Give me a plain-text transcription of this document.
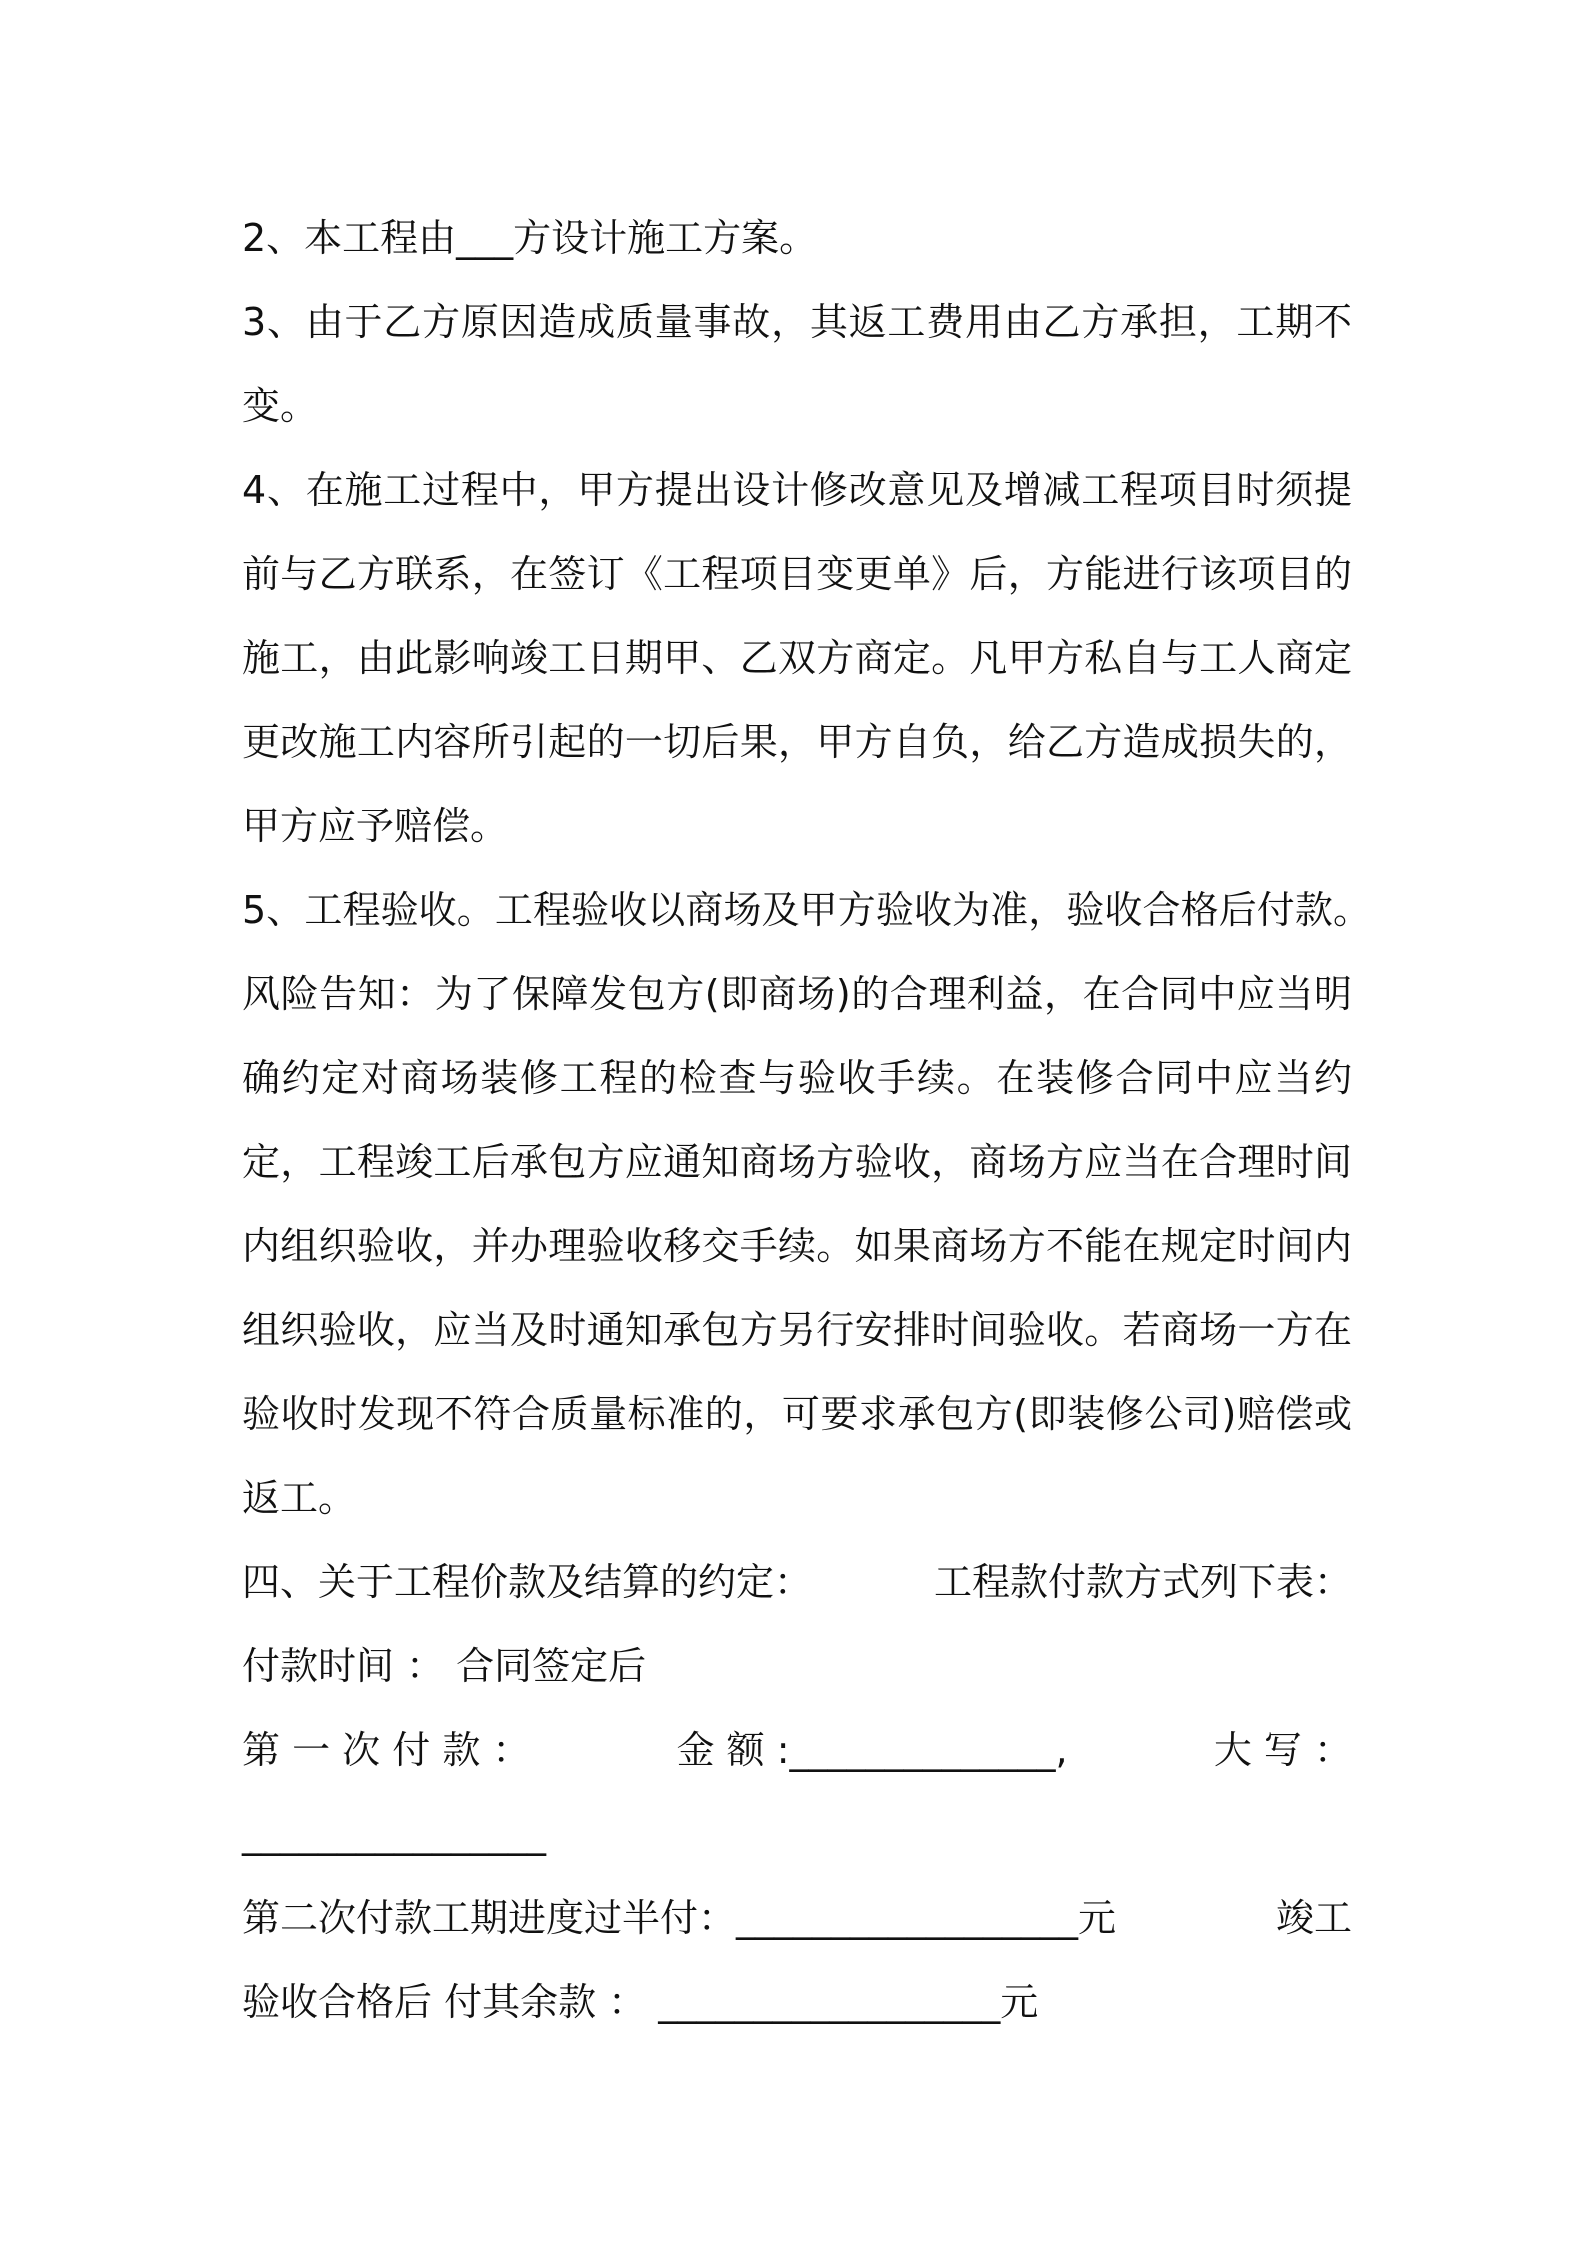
2、本工程由___方设计施工方案。

3、由于乙方原因造成质量事故，其返工费用由乙方承担，工期不变。

4、在施工过程中，甲方提出设计修改意见及增减工程项目时须提前与乙方联系，在签订《工程项目变更单》后，方能进行该项目的施工，由此影响竣工日期甲、乙双方商定。凡甲方私自与工人商定更改施工内容所引起的一切后果，甲方自负，给乙方造成损失的，甲方应予赔偿。

5、工程验收。工程验收以商场及甲方验收为准，验收合格后付款。　　　风险告知：为了保障发包方(即商场)的合理利益，在合同中应当明确约定对商场装修工程的检查与验收手续。在装修合同中应当约定，工程竣工后承包方应通知商场方验收，商场方应当在合理时间内组织验收，并办理验收移交手续。如果商场方不能在规定时间内组织验收，应当及时通知承包方另行安排时间验收。若商场一方在验收时发现不符合质量标准的，可要求承包方(即装修公司)赔偿或返工。

四、关于工程价款及结算的约定：	工程款付款方式列下表：
付款时间 ： 合同签定后
第 一 次 付 款 ：	金 额 :______________,	大 写 ：
________________
第二次付款工期进度过半付：__________________元	竣工
验收合格后 付其余款 ： __________________元
